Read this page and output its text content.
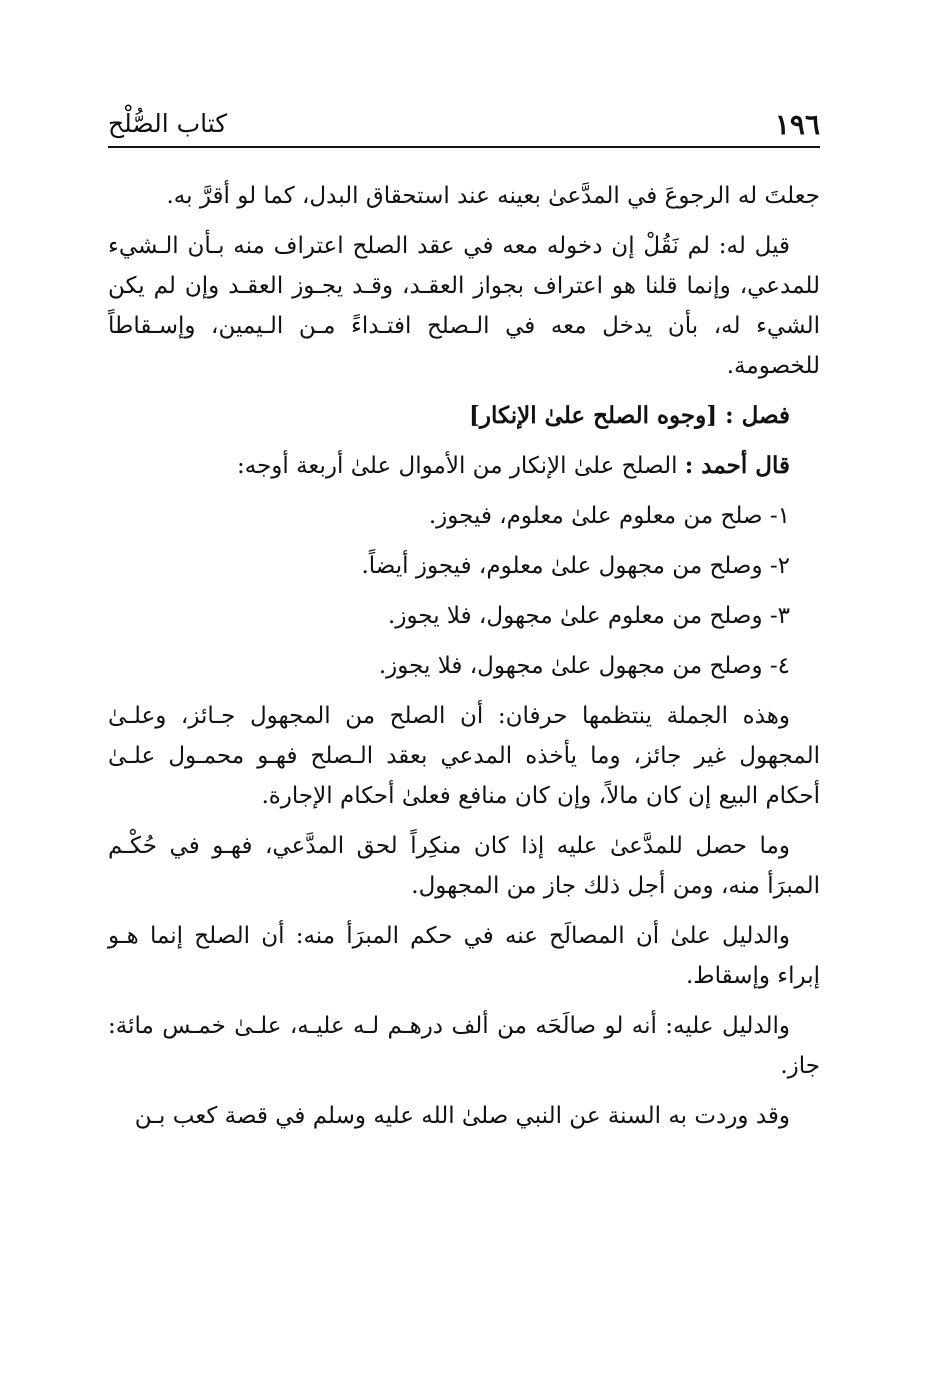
١٩٦
كتاب الصُّلْح

جعلتَ له الرجوعَ في المدَّعىٰ بعينه عند استحقاق البدل، كما لو أقرَّ به.

قيل له: لم نَقُلْ إن دخوله معه في عقد الصلح اعتراف منه بـأن الـشيء للمدعي، وإنما قلنا هو اعتراف بجواز العقـد، وقـد يجـوز العقـد وإن لم يكن الشيء له، بأن يدخل معه في الـصلح افتـداءً مـن الـيمين، وإسـقاطاً للخصومة.

فصل : [وجوه الصلح علىٰ الإنكار]

قال أحمد : الصلح علىٰ الإنكار من الأموال علىٰ أربعة أوجه:

١- صلح من معلوم علىٰ معلوم، فيجوز.

٢- وصلح من مجهول علىٰ معلوم، فيجوز أيضاً.

٣- وصلح من معلوم علىٰ مجهول، فلا يجوز.

٤- وصلح من مجهول علىٰ مجهول، فلا يجوز.

وهذه الجملة ينتظمها حرفان: أن الصلح من المجهول جـائز، وعلـىٰ المجهول غير جائز، وما يأخذه المدعي بعقد الـصلح فهـو محمـول علـىٰ أحكام البيع إن كان مالاً، وإن كان منافع فعلىٰ أحكام الإجارة.

وما حصل للمدَّعىٰ عليه إذا كان منكِراً لحق المدَّعي، فهـو في حُكْـم المبرَأ منه، ومن أجل ذلك جاز من المجهول.

والدليل علىٰ أن المصالَح عنه في حكم المبرَأ منه: أن الصلح إنما هـو إبراء وإسقاط.

والدليل عليه: أنه لو صالَحَه من ألف درهـم لـه عليـه، علـىٰ خمـس مائة: جاز.

وقد وردت به السنة عن النبي صلىٰ الله عليه وسلم في قصة كعب بـن
